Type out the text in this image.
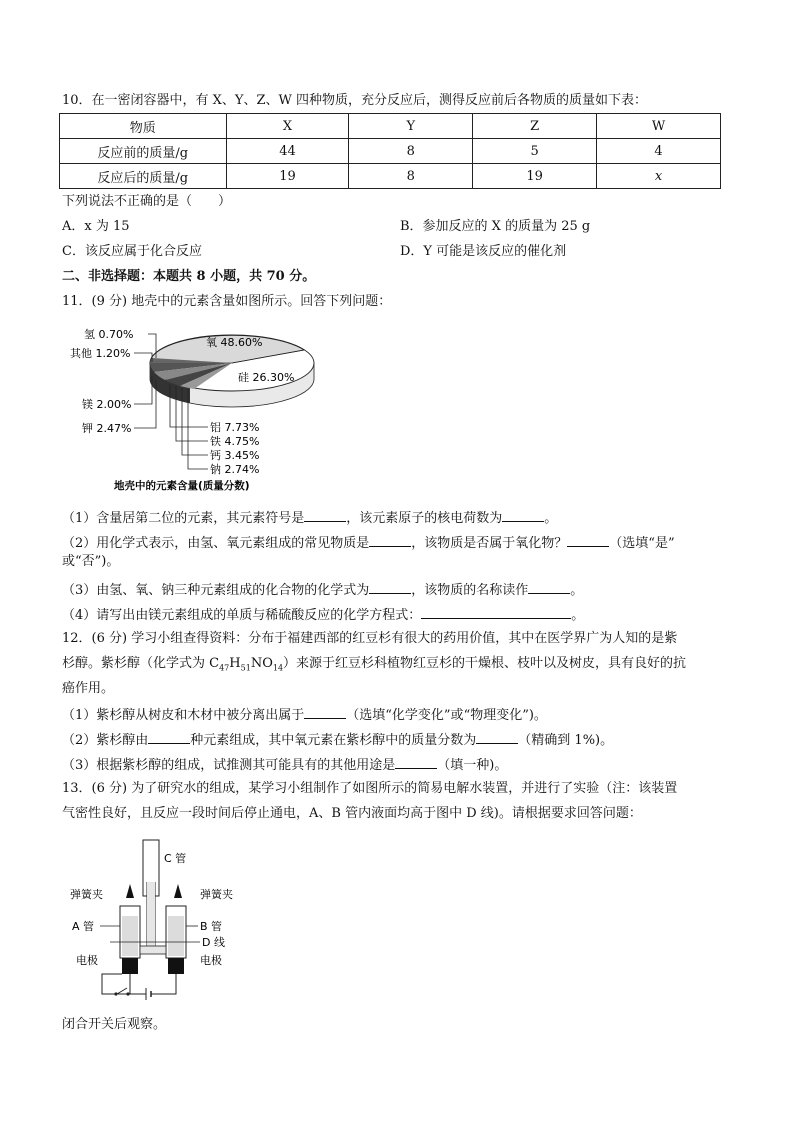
10．在一密闭容器中，有 X、Y、Z、W 四种物质，充分反应后，测得反应前后各物质的质量如下表：
物质	X	Y	Z	W
反应前的质量/g	44	8	5	4
反应后的质量/g	19	8	19	x
下列说法不正确的是（　　）
A．x 为 15	B．参加反应的 X 的质量为 25 g
C．该反应属于化合反应	D．Y 可能是该反应的催化剂
二、非选择题：本题共 8 小题，共 70 分。
11．(9 分) 地壳中的元素含量如图所示。回答下列问题：
氧 48.60%
硅 26.30%
氢 0.70%
其他 1.20%
镁 2.00%
钾 2.47%	铝 7.73%
铁 4.75%
钙 3.45%
钠 2.74%
地壳中的元素含量(质量分数)
（1）含量居第二位的元素，其元素符号是	，该元素原子的核电荷数为	。
（2）用化学式表示，由氢、氧元素组成的常见物质是	，该物质是否属于氧化物？	（选填“是”
或“否”)。
（3）由氢、氧、钠三种元素组成的化合物的化学式为	，该物质的名称读作	。
（4）请写出由镁元素组成的单质与稀硫酸反应的化学方程式：	。
12．(6 分) 学习小组查得资料：分布于福建西部的红豆杉有很大的药用价值，其中在医学界广为人知的是紫
杉醇。紫杉醇（化学式为 $C_{47}H_{51}NO_{14}$）来源于红豆杉科植物红豆杉的干燥根、枝叶以及树皮，具有良好的抗
癌作用。
（1）紫杉醇从树皮和木材中被分离出属于	（选填“化学变化”或“物理变化”)。
（2）紫杉醇由	种元素组成，其中氧元素在紫杉醇中的质量分数为	（精确到 1%)。
（3）根据紫杉醇的组成，试推测其可能具有的其他用途是	（填一种)。
13．(6 分) 为了研究水的组成，某学习小组制作了如图所示的简易电解水装置，并进行了实验（注：该装置
气密性良好，且反应一段时间后停止通电，A、B 管内液面均高于图中 D 线)。请根据要求回答问题：
C 管
弹簧夹	弹簧夹
A 管	B 管
D 线
电极	电极
闭合开关后观察。
